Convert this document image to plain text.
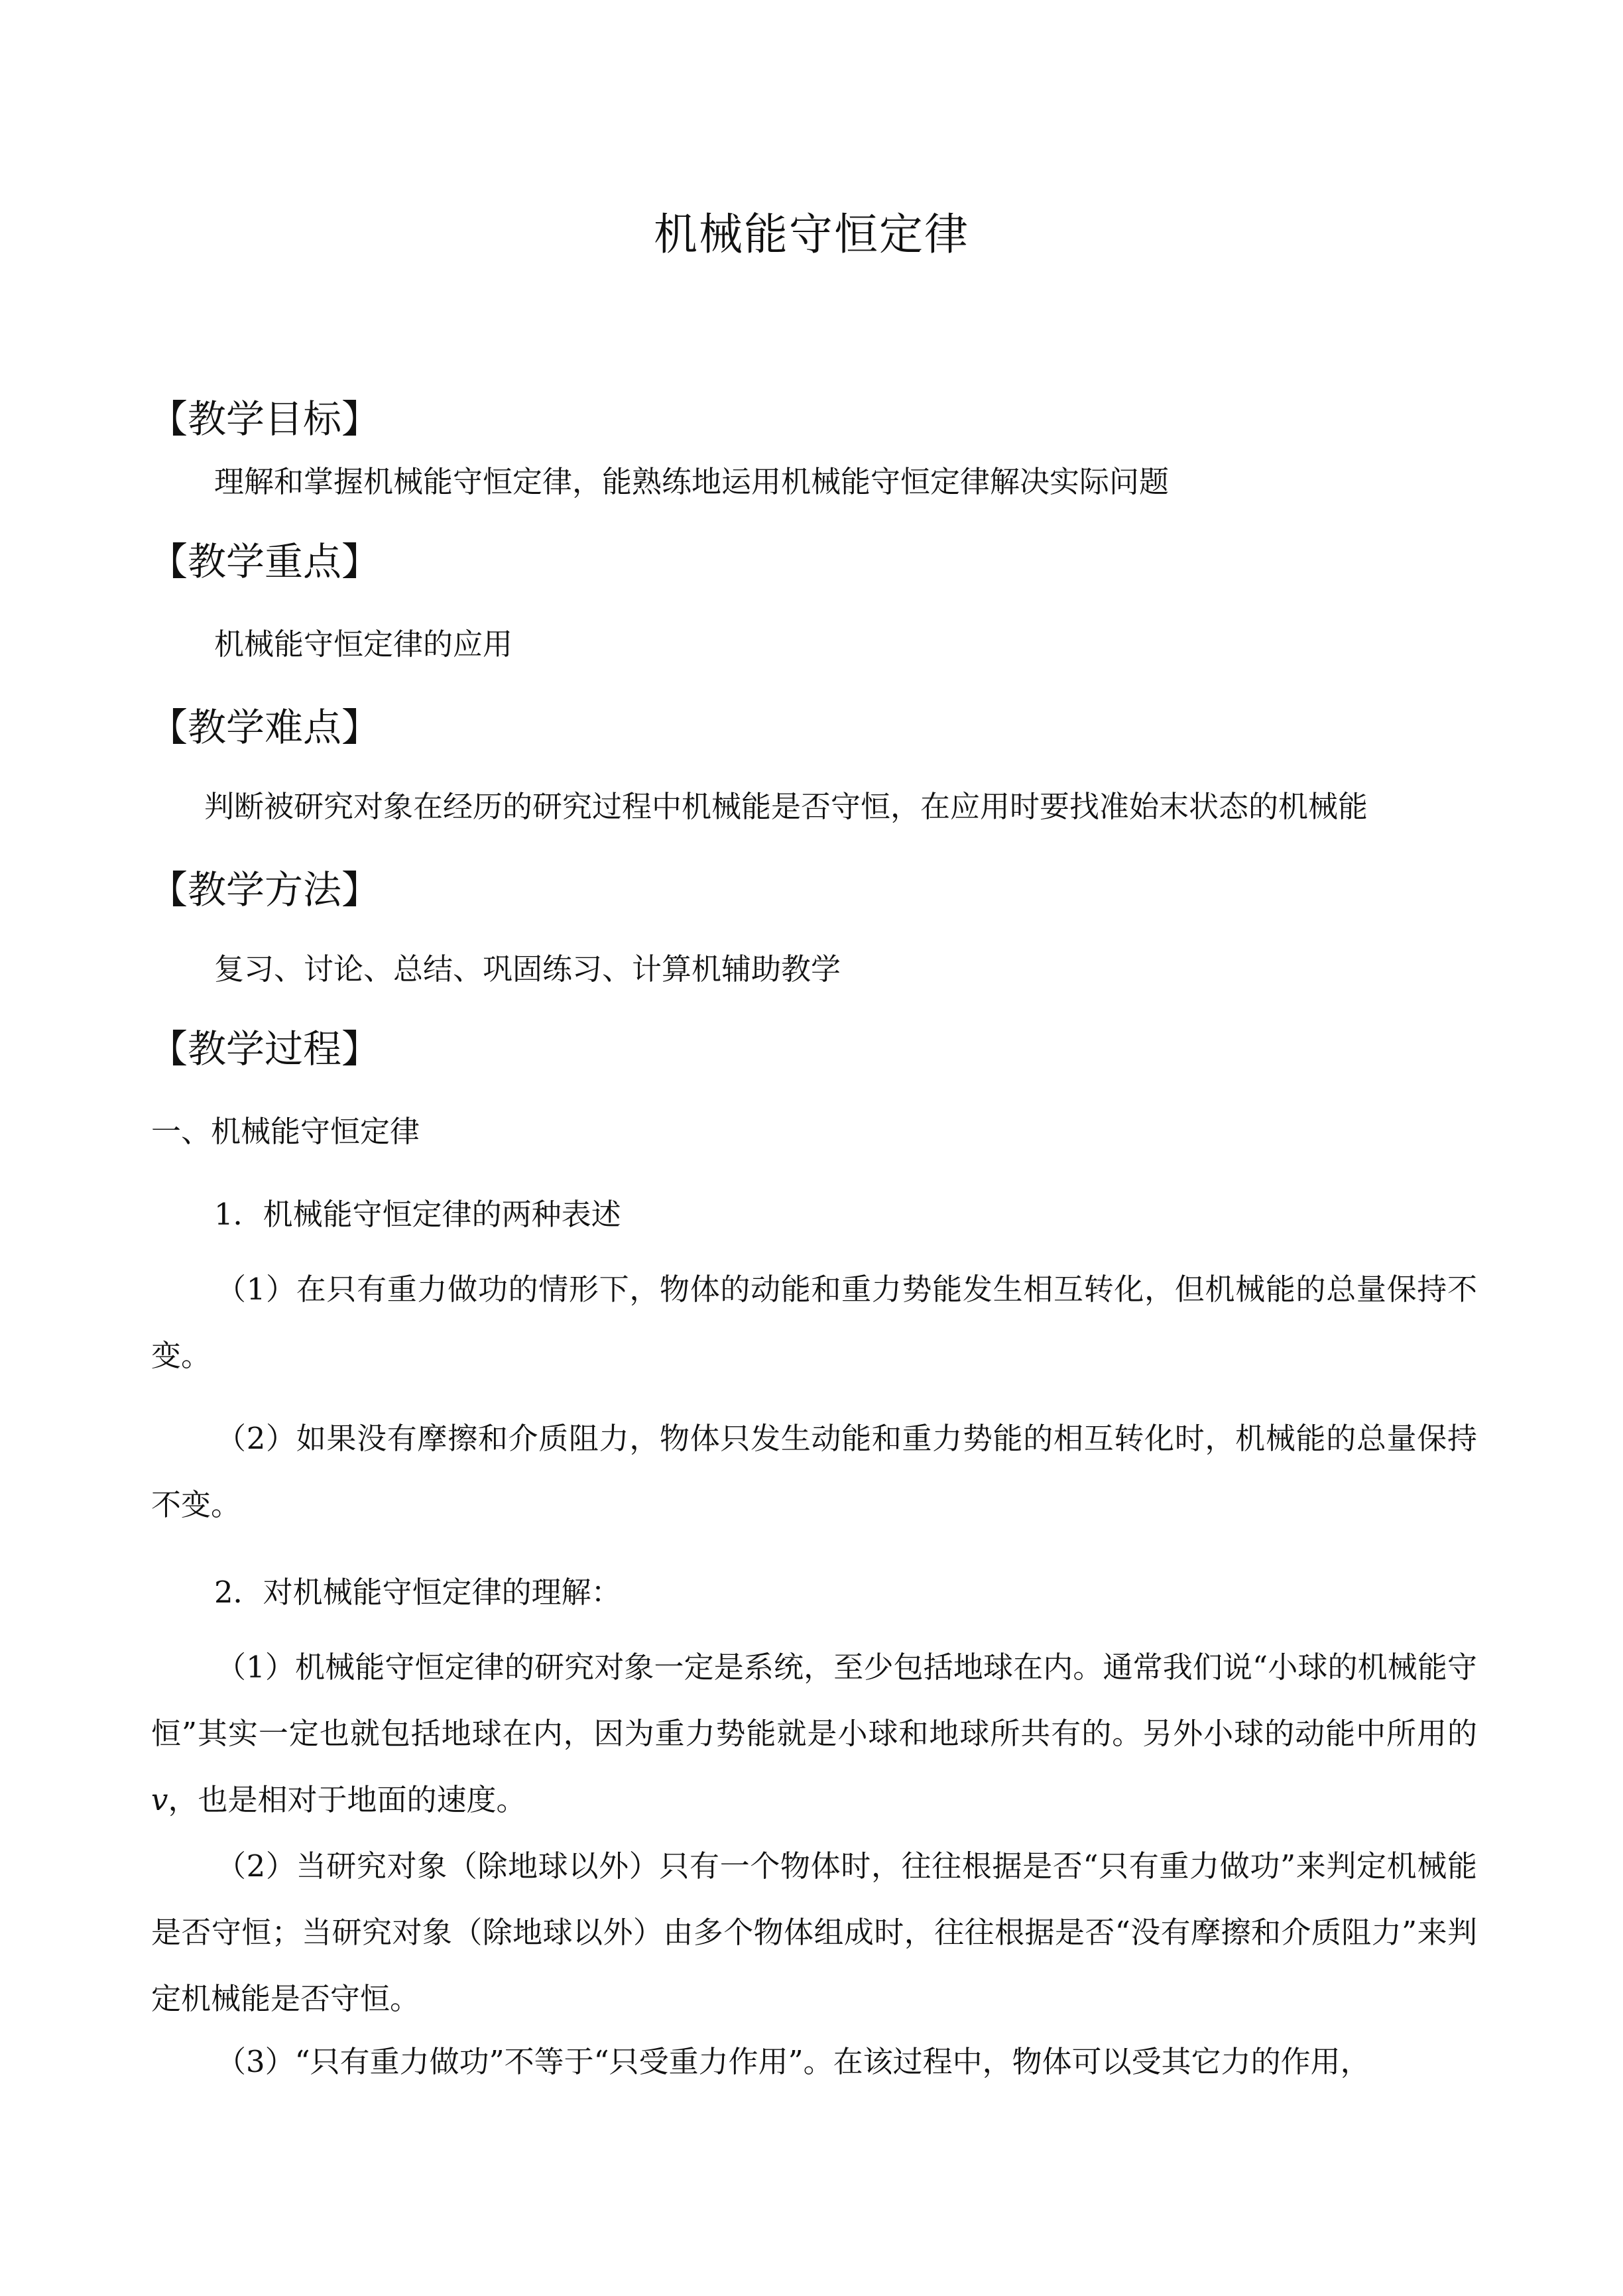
机械能守恒定律
【教学目标】
理解和掌握机械能守恒定律，能熟练地运用机械能守恒定律解决实际问题
【教学重点】
机械能守恒定律的应用
【教学难点】
判断被研究对象在经历的研究过程中机械能是否守恒，在应用时要找准始末状态的机械能
【教学方法】
复习、讨论、总结、巩固练习、计算机辅助教学
【教学过程】
一、机械能守恒定律
1．机械能守恒定律的两种表述
（1）在只有重力做功的情形下，物体的动能和重力势能发生相互转化，但机械能的总量保持不变。
（2）如果没有摩擦和介质阻力，物体只发生动能和重力势能的相互转化时，机械能的总量保持不变。
2．对机械能守恒定律的理解：
（1）机械能守恒定律的研究对象一定是系统，至少包括地球在内。通常我们说“小球的机械能守恒”其实一定也就包括地球在内，因为重力势能就是小球和地球所共有的。另外小球的动能中所用的 v，也是相对于地面的速度。
（2）当研究对象（除地球以外）只有一个物体时，往往根据是否“只有重力做功”来判定机械能是否守恒；当研究对象（除地球以外）由多个物体组成时，往往根据是否“没有摩擦和介质阻力”来判定机械能是否守恒。
（3）“只有重力做功”不等于“只受重力作用”。在该过程中，物体可以受其它力的作用，
